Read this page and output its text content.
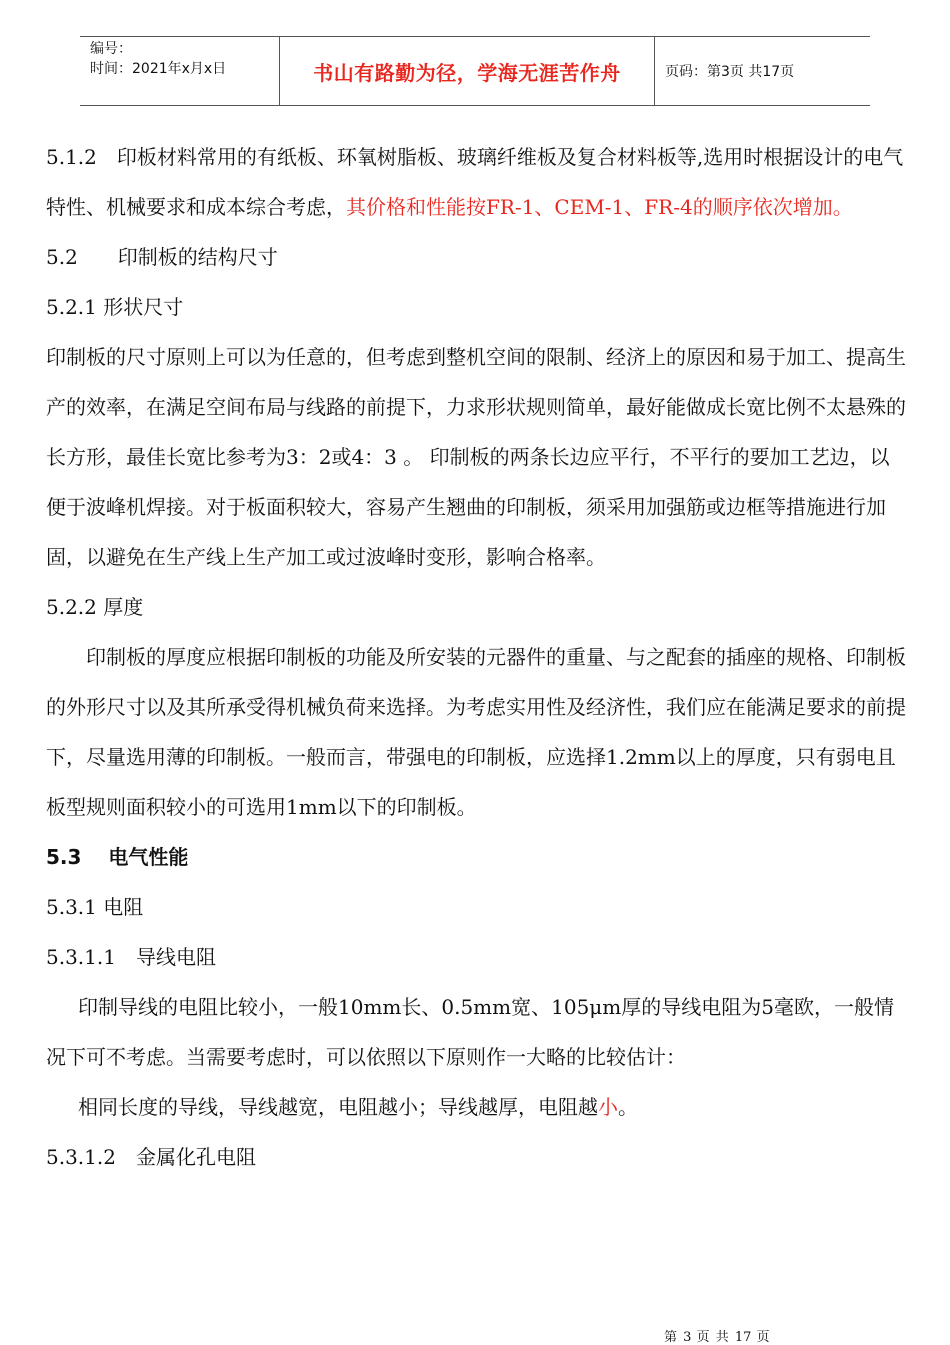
编号：
时间：2021年x月x日	书山有路勤为径，学海无涯苦作舟	页码：第3页 共17页

5.1.2　印板材料常用的有纸板、环氧树脂板、玻璃纤维板及复合材料板等,选用时根据设计的电气特性、机械要求和成本综合考虑，其价格和性能按FR-1、CEM-1、FR-4的顺序依次增加。

5.2　　印制板的结构尺寸

5.2.1 形状尺寸

印制板的尺寸原则上可以为任意的，但考虑到整机空间的限制、经济上的原因和易于加工、提高生产的效率，在满足空间布局与线路的前提下，力求形状规则简单，最好能做成长宽比例不太悬殊的长方形，最佳长宽比参考为3：2或4：3 。 印制板的两条长边应平行，不平行的要加工艺边，以便于波峰机焊接。对于板面积较大，容易产生翘曲的印制板，须采用加强筋或边框等措施进行加固，以避免在生产线上生产加工或过波峰时变形，影响合格率。

5.2.2 厚度

印制板的厚度应根据印制板的功能及所安装的元器件的重量、与之配套的插座的规格、印制板的外形尺寸以及其所承受得机械负荷来选择。为考虑实用性及经济性，我们应在能满足要求的前提下，尽量选用薄的印制板。一般而言，带强电的印制板，应选择1.2mm以上的厚度，只有弱电且板型规则面积较小的可选用1mm以下的印制板。

5.3　 电气性能

5.3.1 电阻

5.3.1.1　导线电阻

印制导线的电阻比较小，一般10mm长、0.5mm宽、105μm厚的导线电阻为5毫欧，一般情况下可不考虑。当需要考虑时，可以依照以下原则作一大略的比较估计：

相同长度的导线，导线越宽，电阻越小；导线越厚，电阻越小。

5.3.1.2　金属化孔电阻

第 3 页 共 17 页
